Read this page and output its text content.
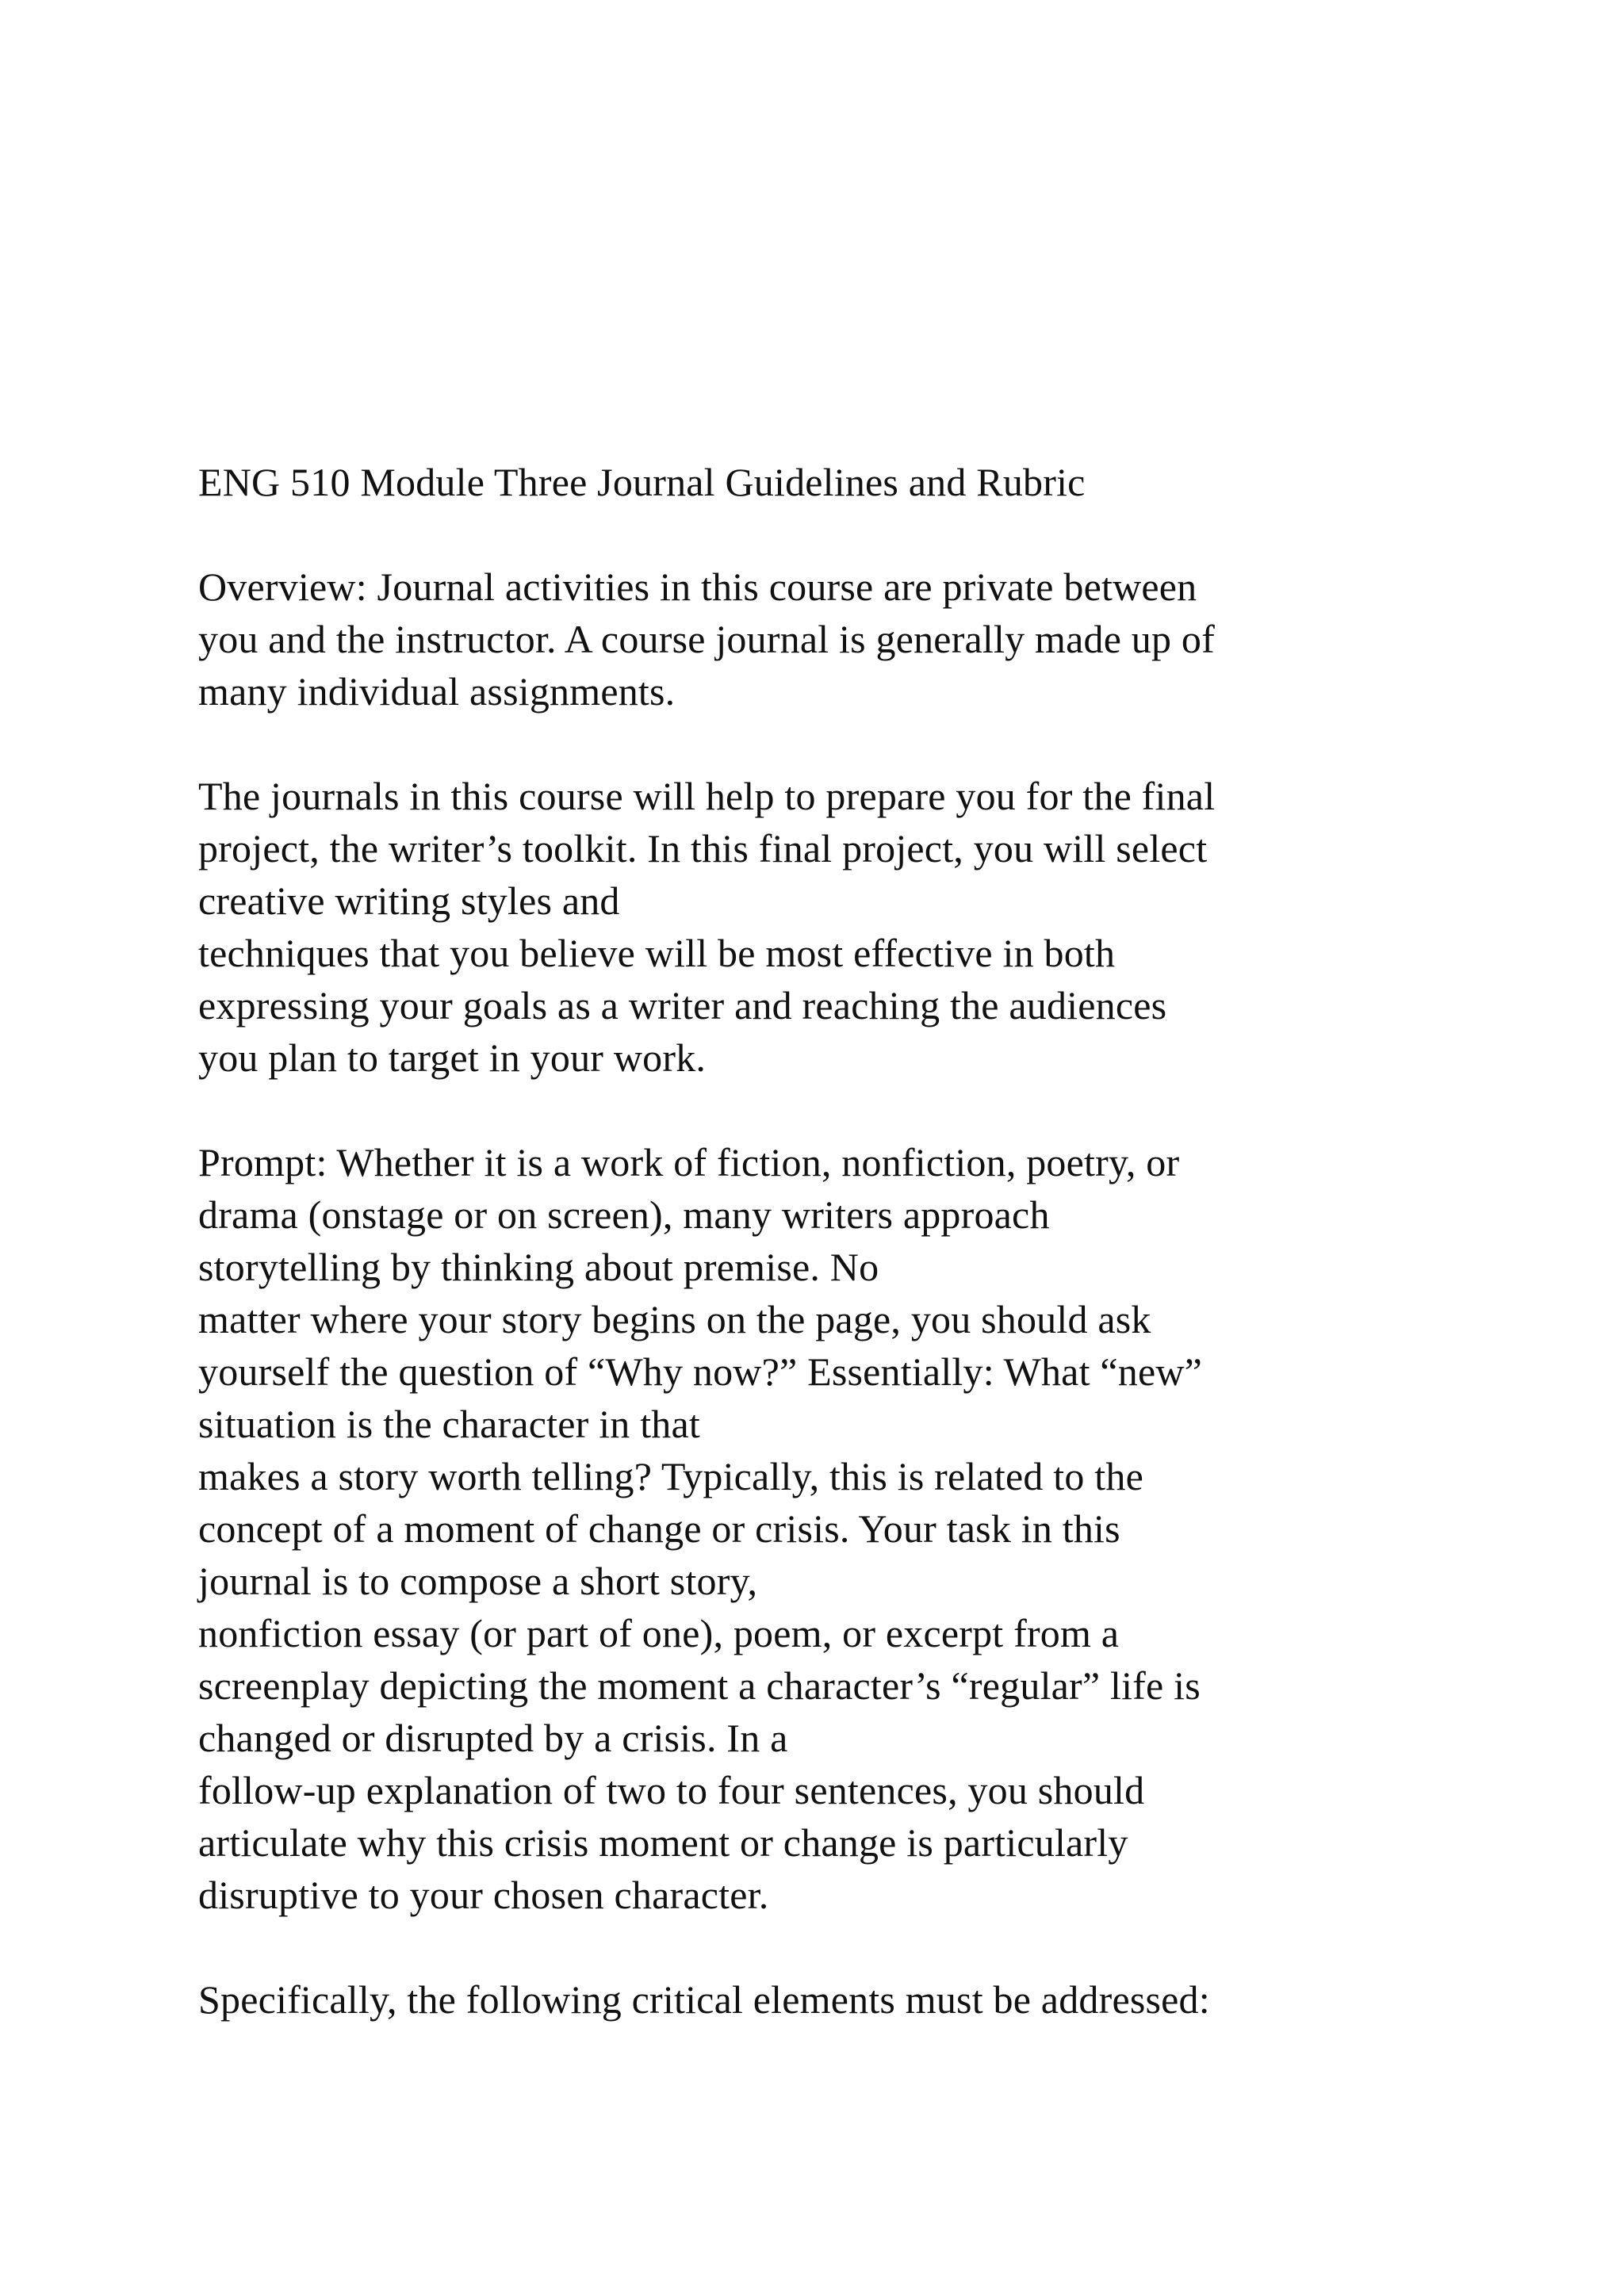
ENG 510 Module Three Journal Guidelines and Rubric
Overview: Journal activities in this course are private between
you and the instructor. A course journal is generally made up of
many individual assignments.
The journals in this course will help to prepare you for the final
project, the writer’s toolkit. In this final project, you will select
creative writing styles and
techniques that you believe will be most effective in both
expressing your goals as a writer and reaching the audiences
you plan to target in your work.
Prompt: Whether it is a work of fiction, nonfiction, poetry, or
drama (onstage or on screen), many writers approach
storytelling by thinking about premise. No
matter where your story begins on the page, you should ask
yourself the question of “Why now?” Essentially: What “new”
situation is the character in that
makes a story worth telling? Typically, this is related to the
concept of a moment of change or crisis. Your task in this
journal is to compose a short story,
nonfiction essay (or part of one), poem, or excerpt from a
screenplay depicting the moment a character’s “regular” life is
changed or disrupted by a crisis. In a
follow-up explanation of two to four sentences, you should
articulate why this crisis moment or change is particularly
disruptive to your chosen character.
Specifically, the following critical elements must be addressed:
